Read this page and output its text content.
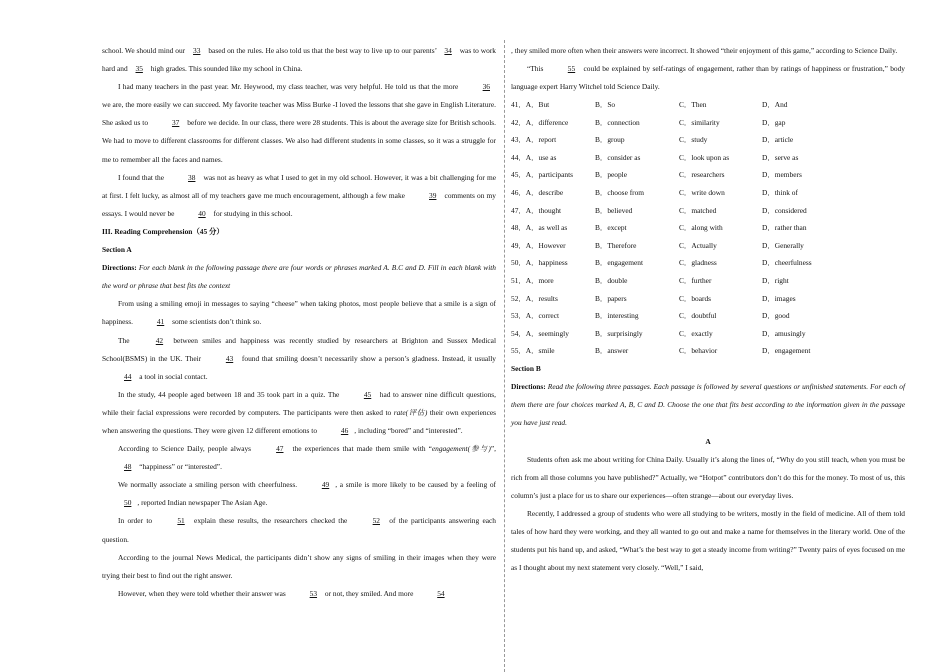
school. We should mind our 33 based on the rules. He also told us that the best way to live up to our parents’ 34 was to work hard and 35 high grades. This sounded like my school in China.

I had many teachers in the past year. Mr. Heywood, my class teacher, was very helpful. He told us that the more	36 we are, the more easily we can succeed. My favorite teacher was Miss Burke -I loved the lessons that she gave in English Literature. She asked us to	37 before we decide. In our class, there were 28 students. This is about the average size for British schools. We had to move to different classrooms for different classes. We also had different students in some classes, so it was a struggle for me to remember all the faces and names.

I found that the	38 was not as heavy as what I used to get in my old school. However, it was a bit challenging for me at first. I felt lucky, as almost all of my teachers gave me much encouragement, although a few make	39 comments on my essays. I would never be	40 for studying in this school.

III. Reading Comprehension（45 分）

Section A

Directions: For each blank in the following passage there are four words or phrases marked A. B.C and D. Fill in each blank with the word or phrase that best fits the context

From using a smiling emoji in messages to saying “cheese” when taking photos, most people believe that a smile is a sign of happiness.	41 some scientists don’t think so.

The	42 between smiles and happiness was recently studied by researchers at Brighton and Sussex Medical School(BSMS) in the UK. Their	43 found that smiling doesn’t necessarily show a person’s gladness. Instead, it usually 44 a tool in social contact.

In the study, 44 people aged between 18 and 35 took part in a quiz. The	45 had to answer nine difficult questions, while their facial expressions were recorded by computers. The participants were then asked to rate(评估) their own experiences when answering the questions. They were given 12 different emotions to	46 , including “bored” and “interested”.

According to Science Daily, people always	47 the experiences that made them smile with “engagement(参与)”, 48 “happiness” or “interested”.

We normally associate a smiling person with cheerfulness.	49 , a smile is more likely to be caused by a feeling of 50 , reported Indian newspaper The Asian Age.

In order to	51 explain these results, the researchers checked the	52 of the participants answering each question.

According to the journal News Medical, the participants didn’t show any signs of smiling in their images when they were trying their best to find out the right answer.

However, when they were told whether their answer was	53 or not, they smiled. And more	54

, they smiled more often when their answers were incorrect. It showed “their enjoyment of this game,” according to Science Daily.

“This	55 could be explained by self-ratings of engagement, rather than by ratings of happiness or frustration,” body language expert Harry Witchel told Science Daily.

41．A．But	B．So	C．Then	D．And
42．A．difference	B．connection	C．similarity	D．gap
43．A．report	B．group	C．study	D．article
44．A．use as	B．consider as	C．look upon as	D．serve as
45．A．participants	B．people	C．researchers	D．members
46．A．describe	B．choose from	C．write down	D．think of
47．A．thought	B．believed	C．matched	D．considered
48．A．as well as	B．except	C．along with	D．rather than
49．A．However	B．Therefore	C．Actually	D．Generally
50．A．happiness	B．engagement	C．gladness	D．cheerfulness
51．A．more	B．double	C．further	D．right
52．A．results	B．papers	C．boards	D．images
53．A．correct	B．interesting	C．doubtful	D．good
54．A．seemingly	B．surprisingly	C．exactly	D．amusingly
55．A．smile	B．answer	C．behavior	D．engagement

Section B

Directions: Read the following three passages. Each passage is followed by several questions or unfinished statements. For each of them there are four choices marked A, B, C and D. Choose the one that fits best according to the information given in the passage you have just read.

A

Students often ask me about writing for China Daily. Usually it’s along the lines of, “Why do you still teach, when you must be rich from all those columns you have published?” Actually, we “Hotpot” contributors don’t do this for the money. To most of us, this column’s just a place for us to share our experiences—often strange—about our everyday lives.

Recently, I addressed a group of students who were all studying to be writers, mostly in the field of medicine. All of them told tales of how hard they were working, and they all wanted to go out and make a name for themselves in the literary world. One of the students put his hand up, and asked, “What’s the best way to get a steady income from writing?” Twenty pairs of eyes focused on me as I thought about my next statement very closely. “Well,” I said,
